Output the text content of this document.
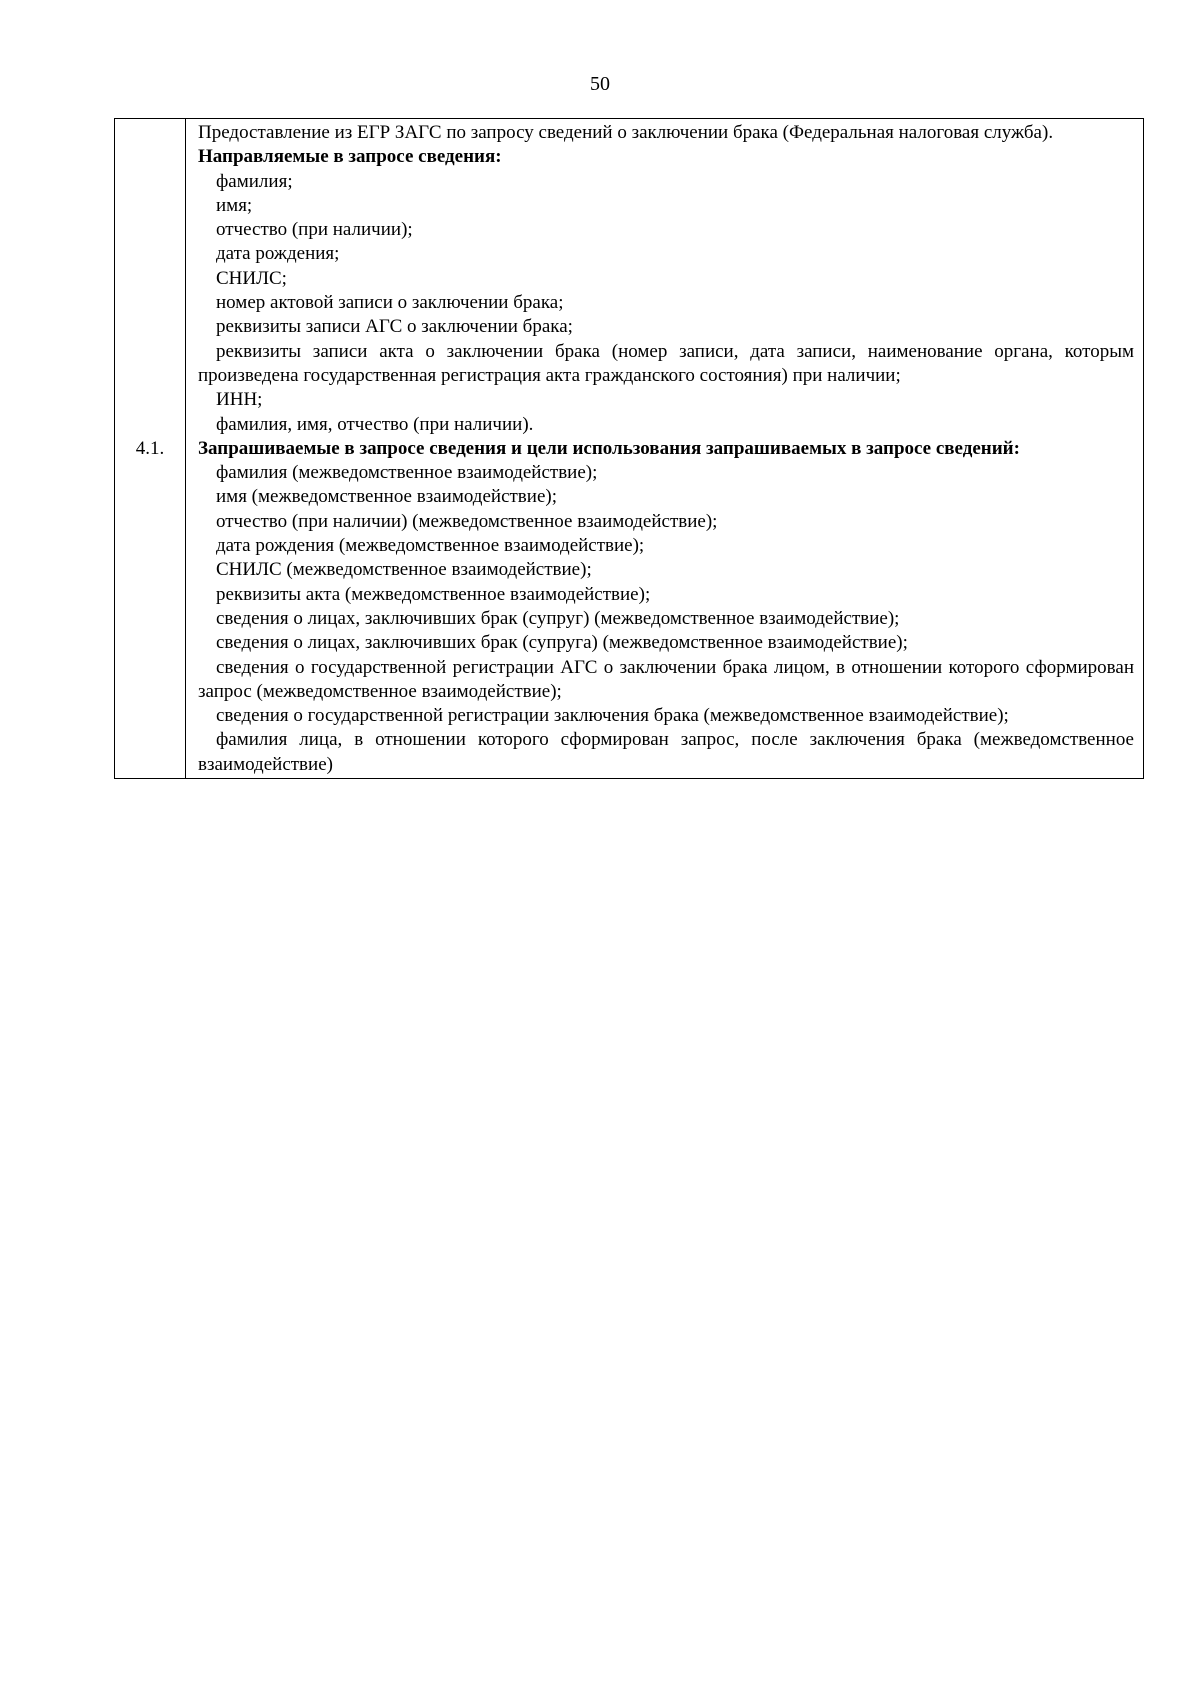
50
4.1.	
Предоставление из ЕГР ЗАГС по запросу сведений о заключении брака (Федеральная налоговая служба).
Направляемые в запросе сведения:
фамилия;
имя;
отчество (при наличии);
дата рождения;
СНИЛС;
номер актовой записи о заключении брака;
реквизиты записи АГС о заключении брака;
реквизиты записи акта о заключении брака (номер записи, дата записи, наименование органа, которым произведена государственная регистрация акта гражданского состояния) при наличии;
ИНН;
фамилия, имя, отчество (при наличии).
Запрашиваемые в запросе сведения и цели использования запрашиваемых в запросе сведений:
фамилия (межведомственное взаимодействие);
имя (межведомственное взаимодействие);
отчество (при наличии) (межведомственное взаимодействие);
дата рождения (межведомственное взаимодействие);
СНИЛС (межведомственное взаимодействие);
реквизиты акта (межведомственное взаимодействие);
сведения о лицах, заключивших брак (супруг) (межведомственное взаимодействие);
сведения о лицах, заключивших брак (супруга) (межведомственное взаимодействие);
сведения о государственной регистрации АГС о заключении брака лицом, в отношении которого сформирован запрос (межведомственное взаимодействие);
сведения о государственной регистрации заключения брака (межведомственное взаимодействие);
фамилия лица, в отношении которого сформирован запрос, после заключения брака (межведомственное взаимодействие)
